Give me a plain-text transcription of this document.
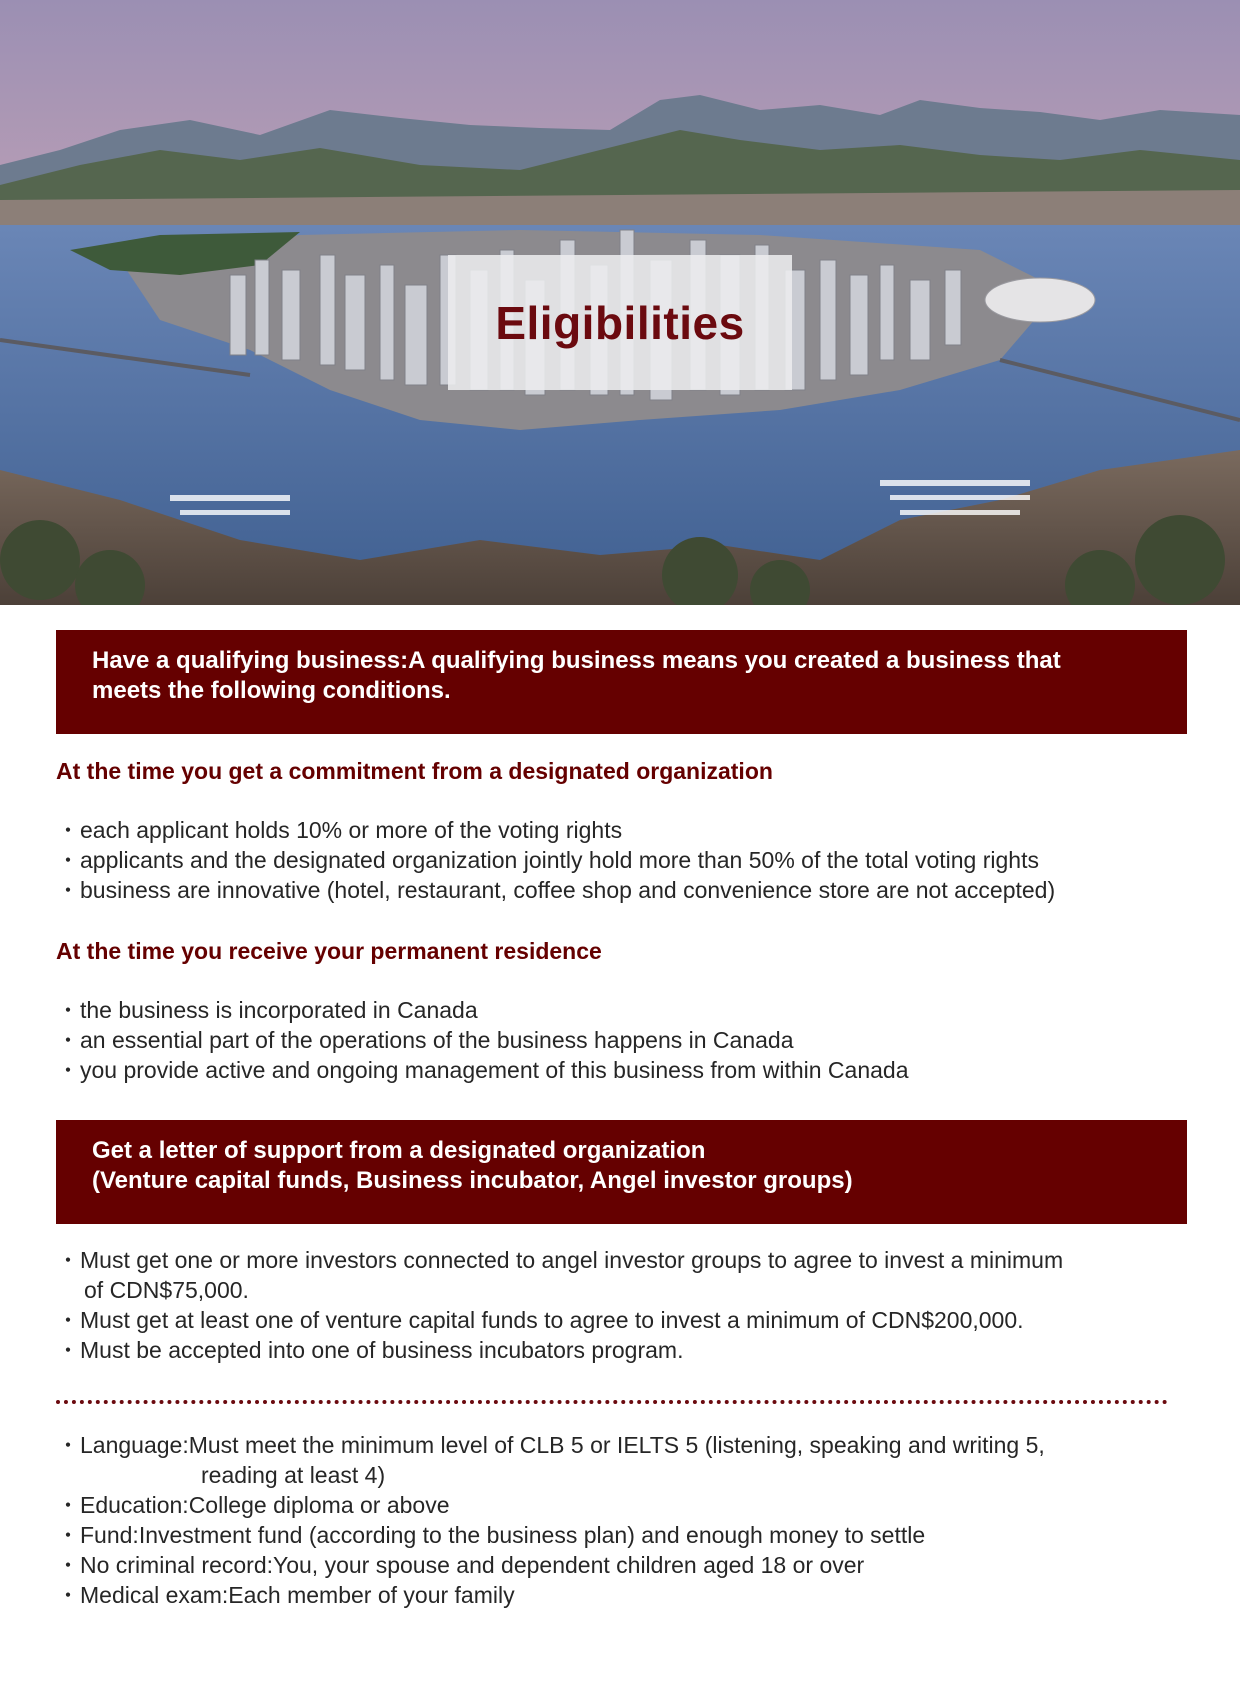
Eligibilities
Have a qualifying business:A qualifying business means you created a business that
meets the following conditions.
At the time you get a commitment from a designated organization
・ each applicant holds 10% or more of the voting rights
・ applicants and the designated organization jointly hold more than 50% of the total voting rights
・ business are innovative (hotel, restaurant, coffee shop and convenience store are not accepted)
At the time you receive your permanent residence
・ the business is incorporated in Canada
・ an essential part of the operations of the business happens in Canada
・ you provide active and ongoing management of this business from within Canada
Get a letter of support from a designated organization
(Venture capital funds, Business incubator, Angel investor groups)
・ Must get one or more investors connected to angel investor groups to agree to invest a minimum
of CDN$75,000.
・ Must get at least one of venture capital funds to agree to invest a minimum of CDN$200,000.
・ Must be accepted into one of business incubators program.
・ Language:Must meet the minimum level of CLB 5 or IELTS 5 (listening, speaking and writing 5,
reading at least 4)
・ Education:College diploma or above
・ Fund:Investment fund (according to the business plan) and enough money to settle
・ No criminal record:You, your spouse and dependent children aged 18 or over
・ Medical exam:Each member of your family
